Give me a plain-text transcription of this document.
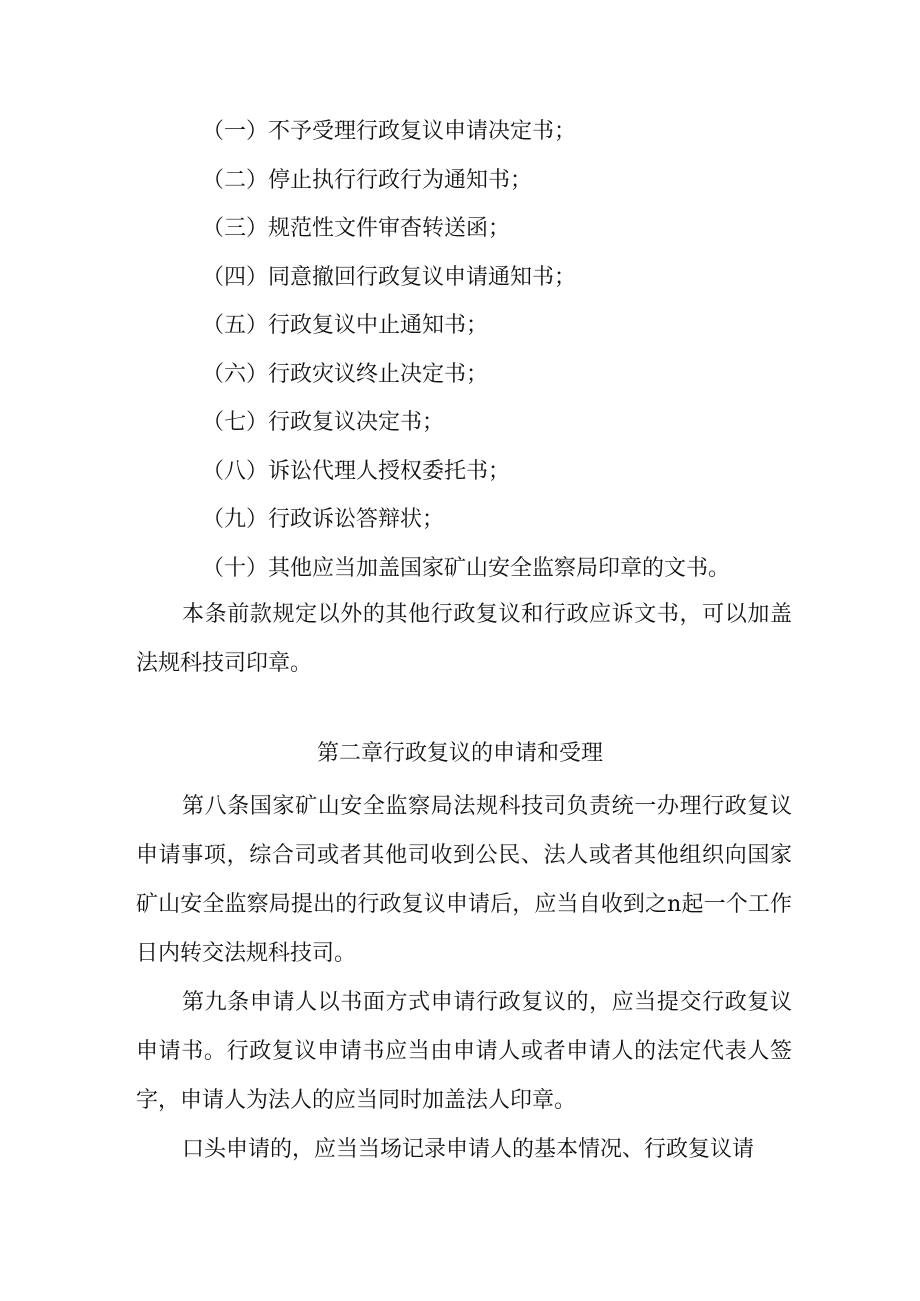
（一）不予受理行政复议申请决定书；
（二）停止执行行政行为通知书；
（三）规范性文件审杳转送函；
（四）同意撤回行政复议申请通知书；
（五）行政复议中止通知书；
（六）行政灾议终止决定书；
（七）行政复议决定书；
（八）诉讼代理人授权委托书；
（九）行政诉讼答辩状；
（十）其他应当加盖国家矿山安全监察局印章的文书。

本条前款规定以外的其他行政复议和行政应诉文书，可以加盖法规科技司印章。

第二章行政复议的申请和受理

第八条国家矿山安全监察局法规科技司负责统一办理行政复议申请事项，综合司或者其他司收到公民、法人或者其他组织向国家矿山安全监察局提出的行政复议申请后，应当自收到之n起一个工作日内转交法规科技司。

第九条申请人以书面方式申请行政复议的，应当提交行政复议申请书。行政复议申请书应当由申请人或者申请人的法定代表人签字，申请人为法人的应当同时加盖法人印章。

口头申请的，应当当场记录申请人的基本情况、行政复议请
